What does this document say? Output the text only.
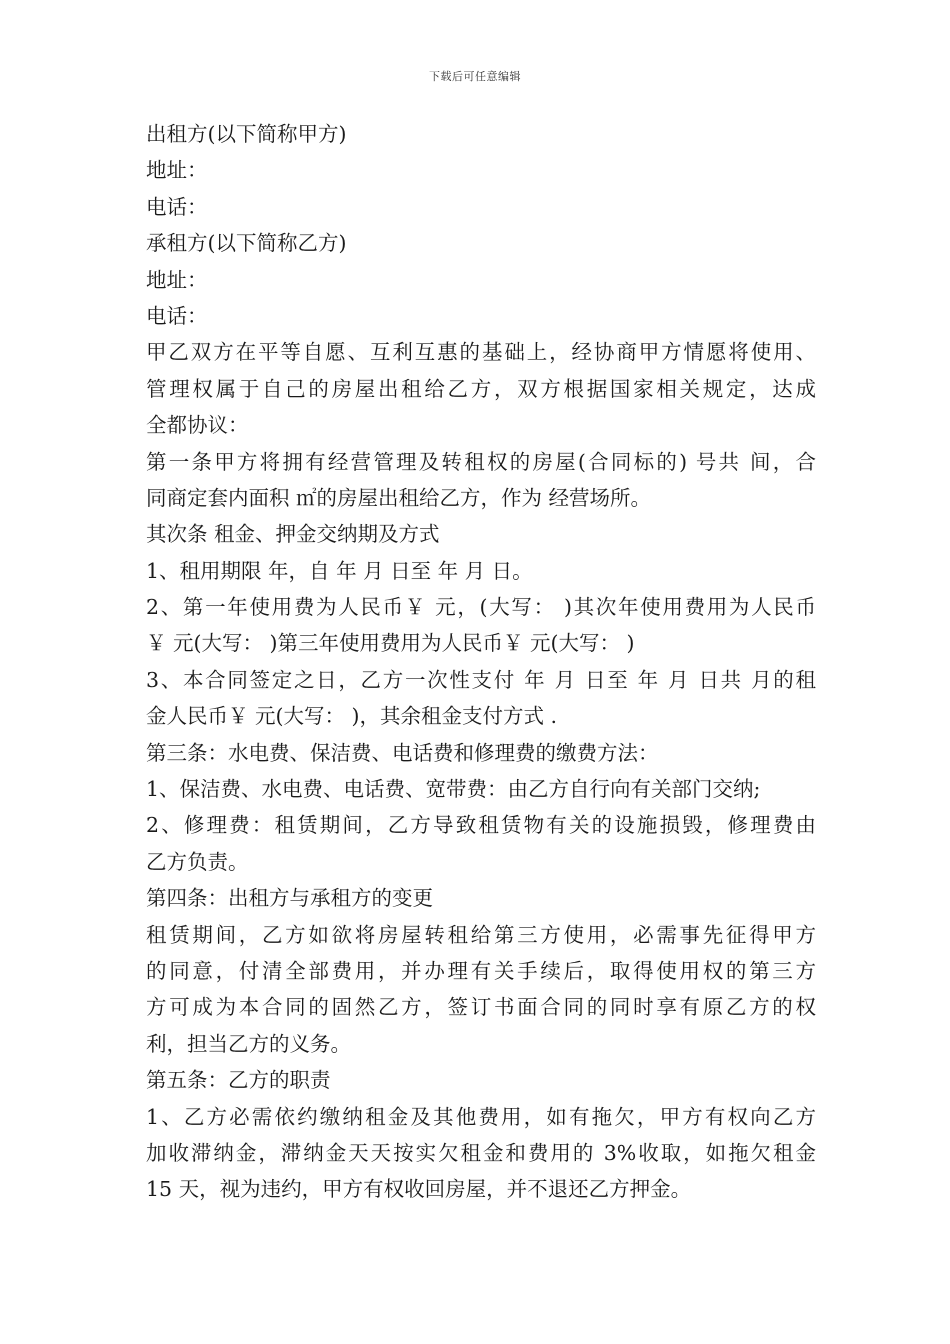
下载后可任意编辑
出租方(以下简称甲方)
地址：
电话：
承租方(以下简称乙方)
地址：
电话：
甲乙双方在平等自愿、互利互惠的基础上，经协商甲方情愿将使用、
管理权属于自己的房屋出租给乙方，双方根据国家相关规定，达成
全都协议：
第一条甲方将拥有经营管理及转租权的房屋(合同标的) 号共 间，合
同商定套内面积 ㎡的房屋出租给乙方，作为 经营场所。
其次条 租金、押金交纳期及方式
1、租用期限 年，自 年 月 日至 年 月 日。
2、第一年使用费为人民币￥ 元，(大写： )其次年使用费用为人民币
￥ 元(大写： )第三年使用费用为人民币￥ 元(大写： )
3、本合同签定之日，乙方一次性支付 年 月 日至 年 月 日共 月的租
金人民币￥ 元(大写： )，其余租金支付方式 .
第三条：水电费、保洁费、电话费和修理费的缴费方法：
1、保洁费、水电费、电话费、宽带费：由乙方自行向有关部门交纳;
2、修理费：租赁期间，乙方导致租赁物有关的设施损毁，修理费由
乙方负责。
第四条：出租方与承租方的变更
租赁期间，乙方如欲将房屋转租给第三方使用，必需事先征得甲方
的同意，付清全部费用，并办理有关手续后，取得使用权的第三方
方可成为本合同的固然乙方，签订书面合同的同时享有原乙方的权
利，担当乙方的义务。
第五条：乙方的职责
1、乙方必需依约缴纳租金及其他费用，如有拖欠，甲方有权向乙方
加收滞纳金，滞纳金天天按实欠租金和费用的 3%收取，如拖欠租金
15 天，视为违约，甲方有权收回房屋，并不退还乙方押金。
